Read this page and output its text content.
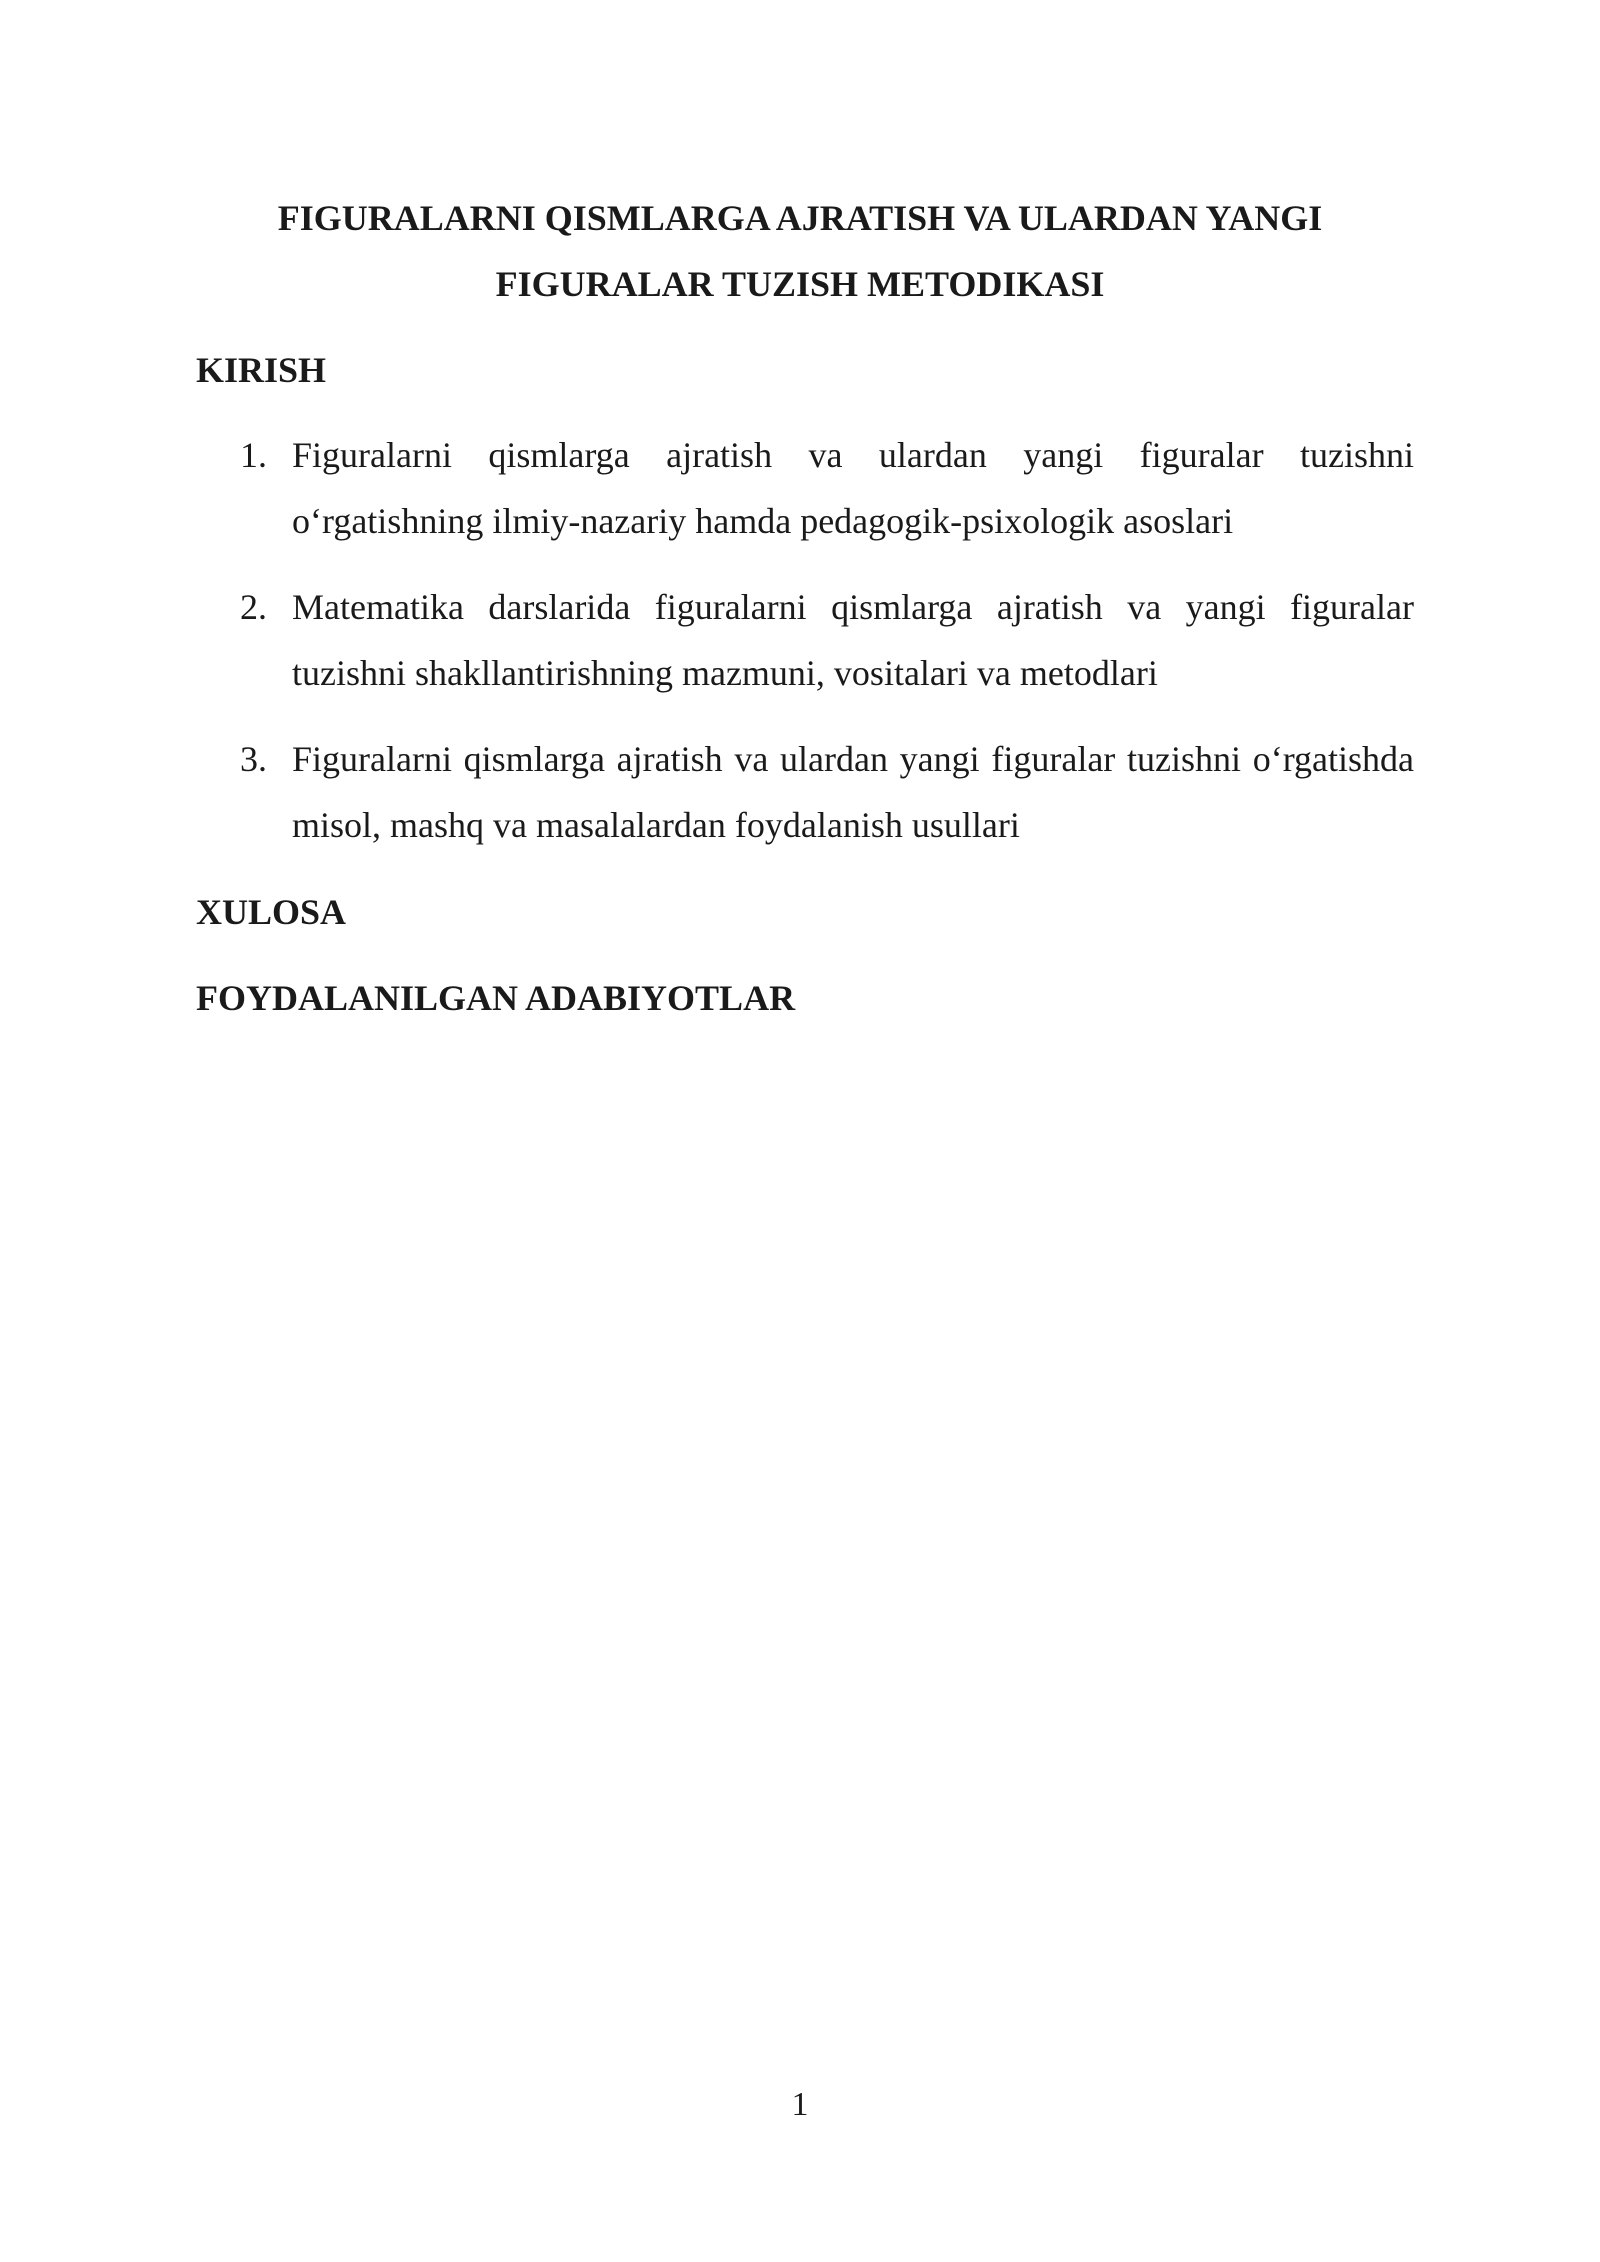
FIGURALARNI QISMLARGA AJRATISH VA ULARDAN YANGI
FIGURALAR TUZISH METODIKASI
KIRISH
1. Figuralarni qismlarga ajratish va ulardan yangi figuralar tuzishni o‘rgatishning ilmiy-nazariy hamda pedagogik-psixologik asoslari
2. Matematika darslarida figuralarni qismlarga ajratish va yangi figuralar tuzishni shakllantirishning mazmuni, vositalari va metodlari
3. Figuralarni qismlarga ajratish va ulardan yangi figuralar tuzishni o‘rgatishda misol, mashq va masalalardan foydalanish usullari
XULOSA
FOYDALANILGAN ADABIYOTLAR
1
